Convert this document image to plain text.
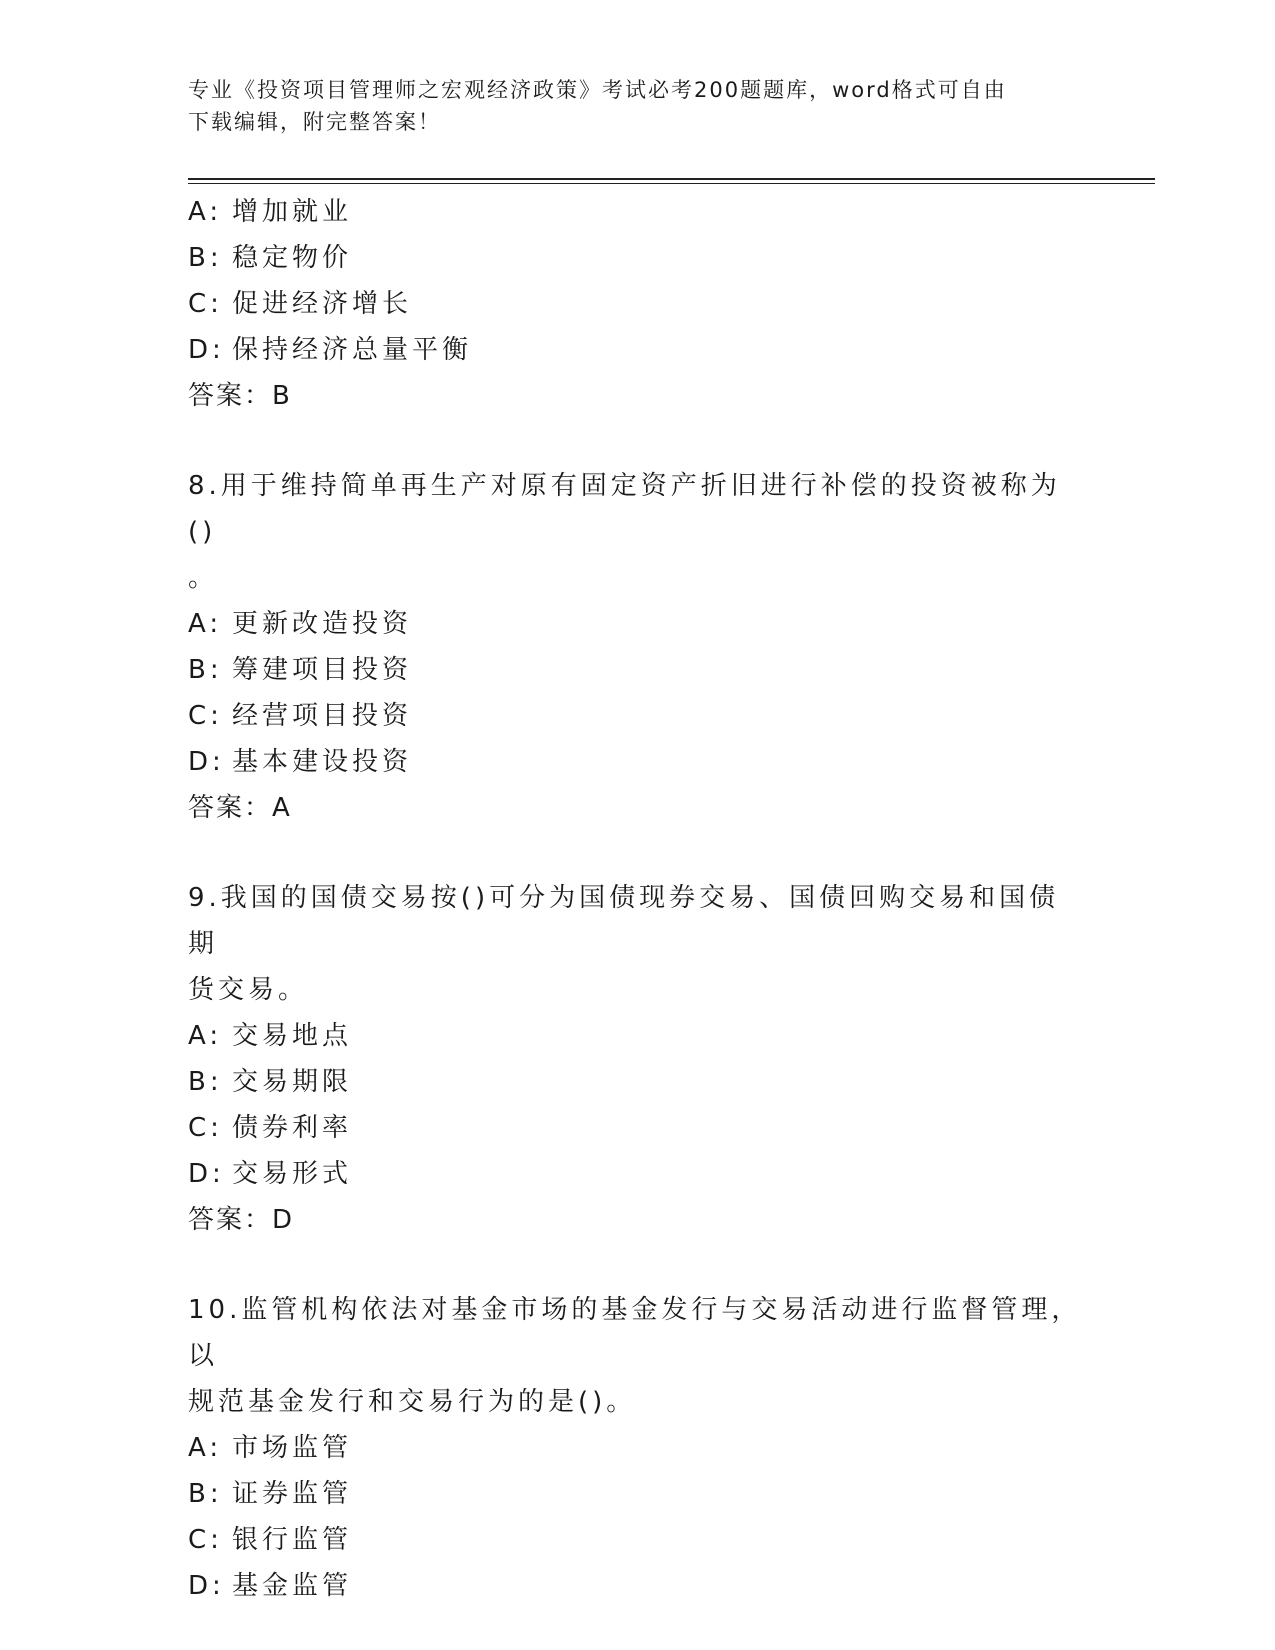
专业《投资项目管理师之宏观经济政策》考试必考200题题库，word格式可自由
下载编辑，附完整答案！
A: 增加就业
B: 稳定物价
C: 促进经济增长
D: 保持经济总量平衡
答案：B
8.用于维持简单再生产对原有固定资产折旧进行补偿的投资被称为()
。
A: 更新改造投资
B: 筹建项目投资
C: 经营项目投资
D: 基本建设投资
答案：A
9.我国的国债交易按()可分为国债现券交易、国债回购交易和国债期
货交易。
A: 交易地点
B: 交易期限
C: 债券利率
D: 交易形式
答案：D
10.监管机构依法对基金市场的基金发行与交易活动进行监督管理，以
规范基金发行和交易行为的是()。
A: 市场监管
B: 证券监管
C: 银行监管
D: 基金监管
